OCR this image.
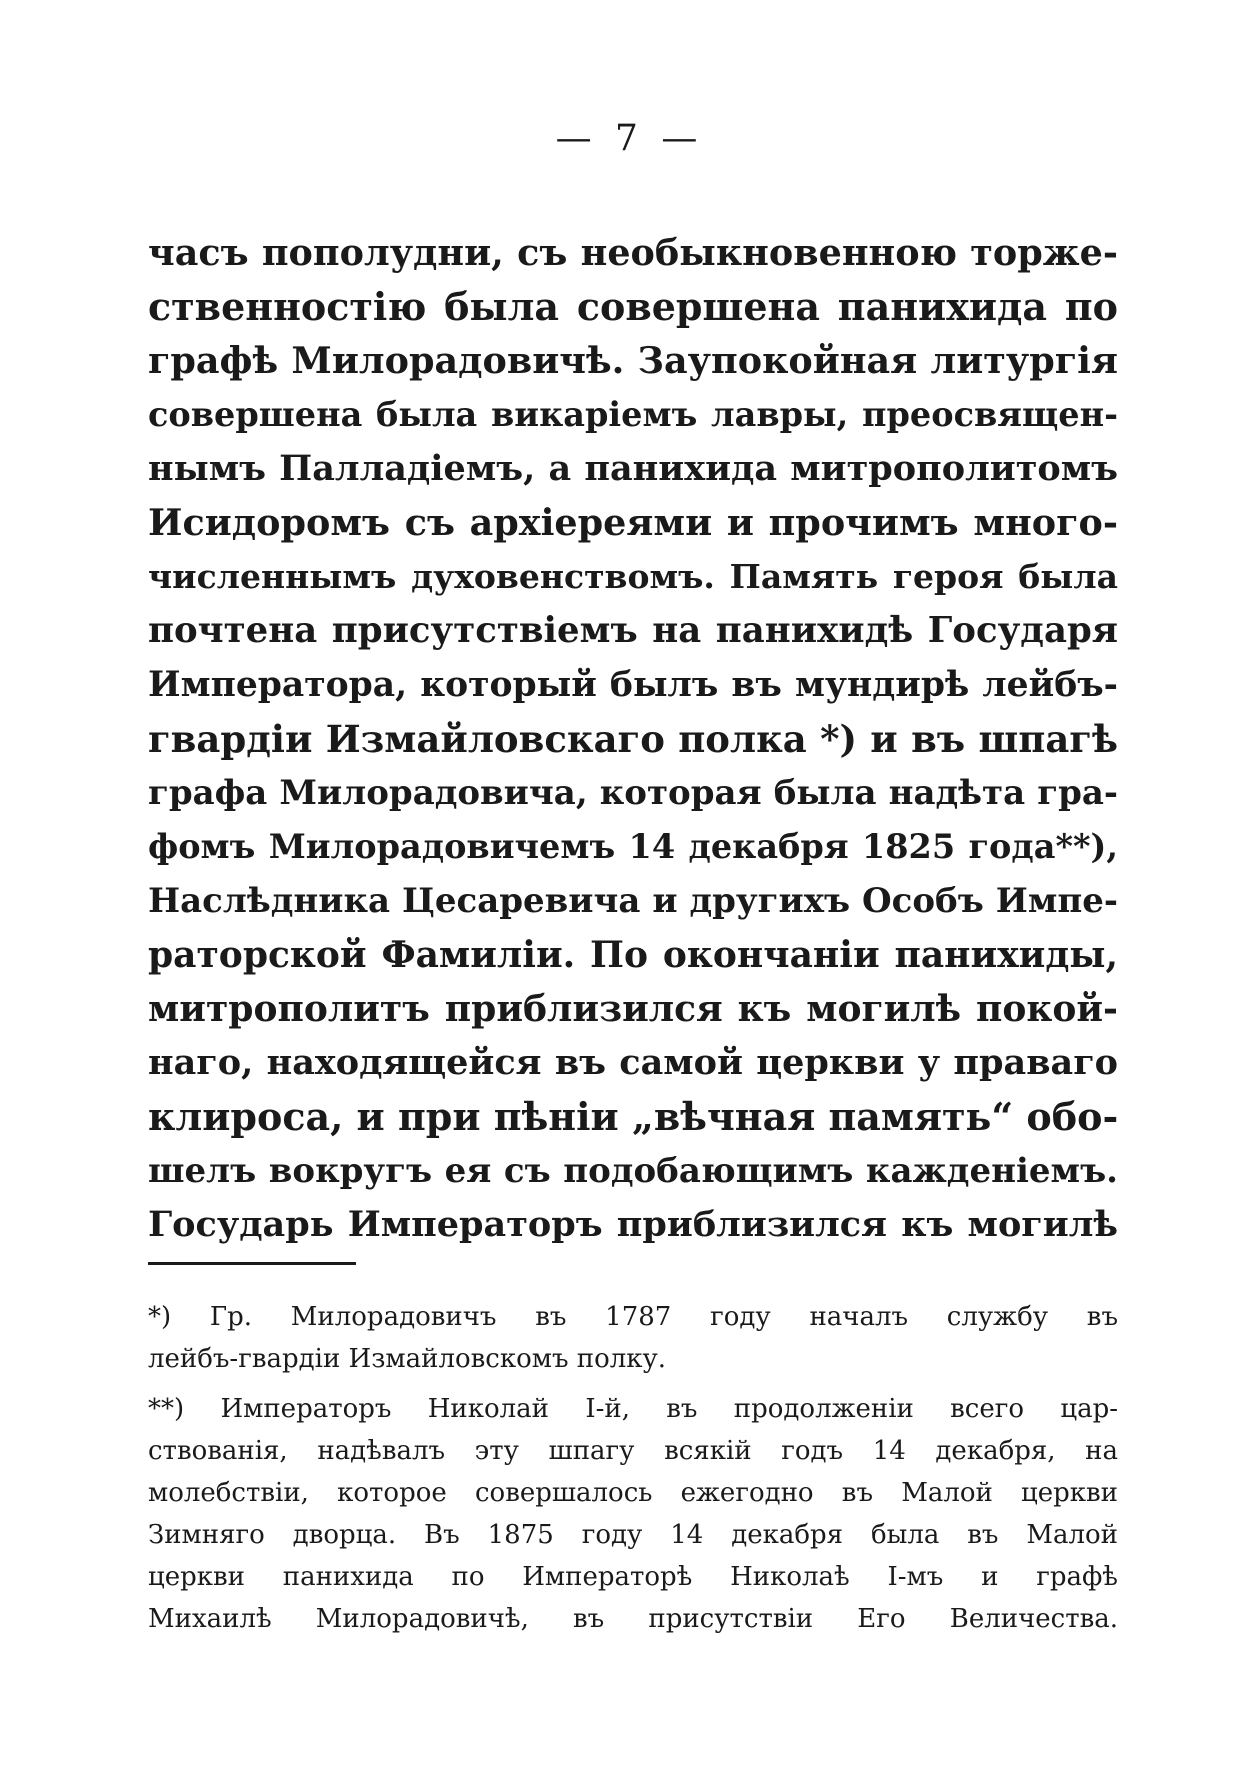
— 7 —
часъ пополудни, съ необыкновенною торже-
ственностію была совершена панихида по
графѣ Милорадовичѣ. Заупокойная литургія
совершена была викаріемъ лавры, преосвящен-
нымъ Палладіемъ, а панихида митрополитомъ
Исидоромъ съ архіереями и прочимъ много-
численнымъ духовенствомъ. Память героя была
почтена присутствіемъ на панихидѣ Государя
Императора, который былъ въ мундирѣ лейбъ-
гвардіи Измайловскаго полка *) и въ шпагѣ
графа Милорадовича, которая была надѣта гра-
фомъ Милорадовичемъ 14 декабря 1825 года**),
Наслѣдника Цесаревича и другихъ Особъ Импе-
раторской Фамиліи. По окончаніи панихиды,
митрополитъ приблизился къ могилѣ покой-
наго, находящейся въ самой церкви у праваго
клироса, и при пѣніи „вѣчная память“ обо-
шелъ вокругъ ея съ подобающимъ кажденіемъ.
Государь Императоръ приблизился къ могилѣ
*) Гр. Милорадовичъ въ 1787 году началъ службу въ
лейбъ-гвардіи Измайловскомъ полку.
**) Императоръ Николай I-й, въ продолженіи всего цар-
ствованія, надѣвалъ эту шпагу всякій годъ 14 декабря, на
молебствіи, которое совершалось ежегодно въ Малой церкви
Зимняго дворца. Въ 1875 году 14 декабря была въ Малой
церкви панихида по Императорѣ Николаѣ I-мъ и графѣ
Михаилѣ Милорадовичѣ, въ присутствіи Его Величества.
